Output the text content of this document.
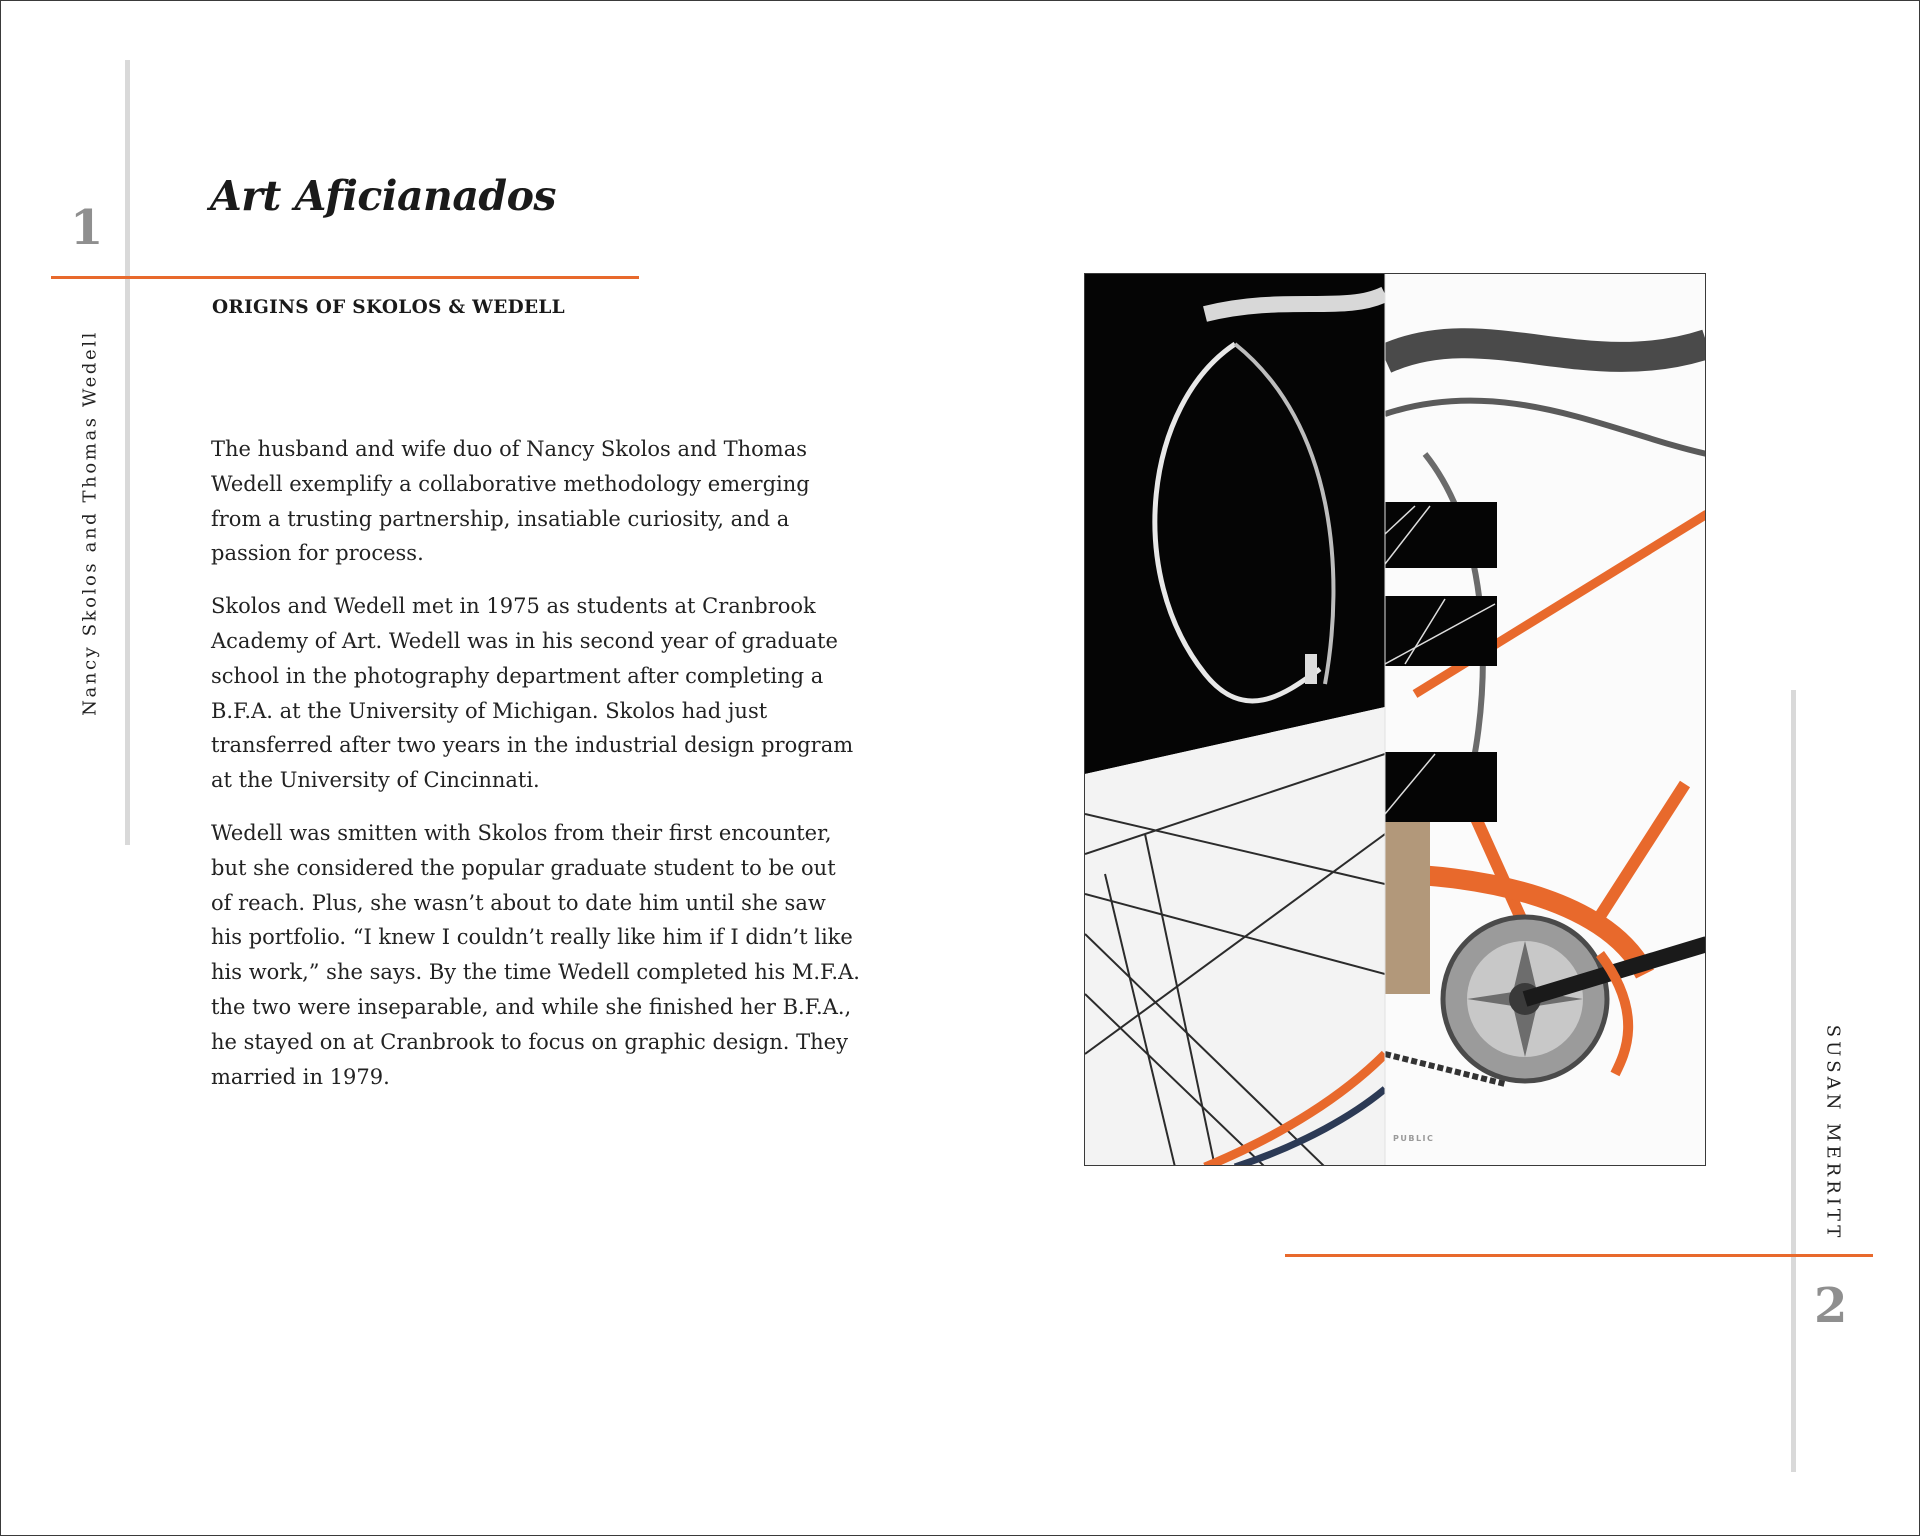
1
Nancy Skolos and Thomas Wedell
Art Aficianados
ORIGINS OF SKOLOS & WEDELL

The husband and wife duo of Nancy Skolos and Thomas Wedell exemplify a collaborative methodology emerging from a trusting partnership, insatiable curiosity, and a passion for process.

Skolos and Wedell met in 1975 as students at Cranbrook Academy of Art. Wedell was in his second year of graduate school in the photography department after completing a B.F.A. at the University of Michigan. Skolos had just transferred after two years in the industrial design program at the University of Cincinnati.

Wedell was smitten with Skolos from their first encounter, but she considered the popular graduate student to be out of reach. Plus, she wasn’t about to date him until she saw his portfolio. “I knew I couldn’t really like him if I didn’t like his work,” she says. By the time Wedell completed his M.F.A. the two were inseparable, and while she finished her B.F.A., he stayed on at Cranbrook to focus on graphic design. They married in 1979.

PUBLIC	SUSAN MERRITT
2
